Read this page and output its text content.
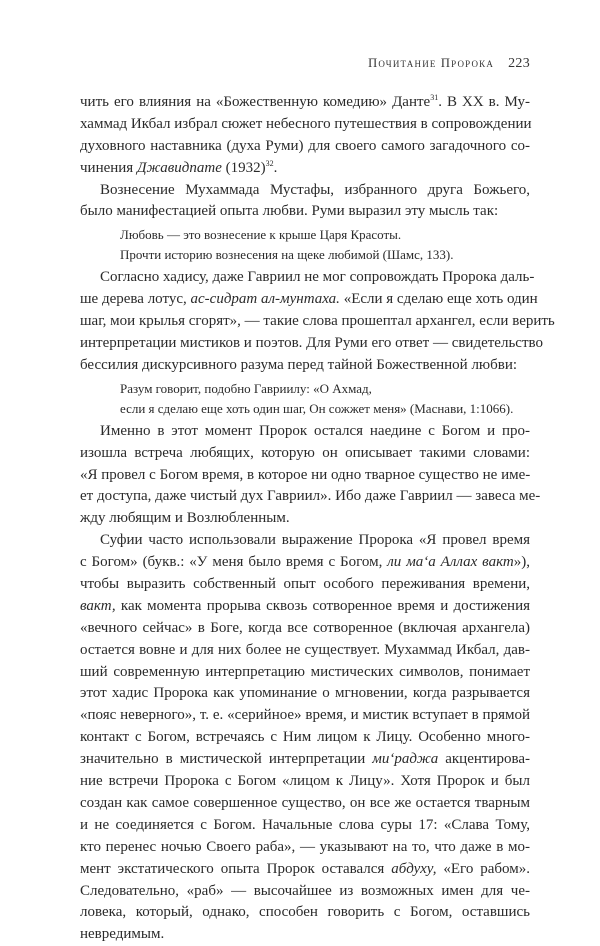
Почитание Пророка 223
чить его влияния на «Божественную комедию» Данте$^{31}$. В XX в. Му-
хаммад Икбал избрал сюжет небесного путешествия в сопровождении
духовного наставника (духа Руми) для своего самого загадочного со-
чинения Джавидname $(1932)^{32}$.
Вознесение Мухаммада Мустафы, избранного друга Божьего,
было манифестацией опыта любви. Руми выразил эту мысль так:
Любовь — это вознесение к крыше Царя Красоты.
Прочти историю вознесения на щеке любимой (Шамс, 133).
Согласно хадису, даже Гавриил не мог сопровождать Пророка даль-
ше дерева лотус, ас-сидрат ал-мунтаха. «Если я сделаю еще хоть один
шаг, мои крылья сгорят», — такие слова прошептал архангел, если верить
интерпретации мистиков и поэтов. Для Руми его ответ — свидетельство
бессилия дискурсивного разума перед тайной Божественной любви:
Разум говорит, подобно Гавриилу: «О Ахмад,
если я сделаю еще хоть один шаг, Он сожжет меня» (Маснави, 1:1066).
Именно в этот момент Пророк остался наедине с Богом и про-
изошла встреча любящих, которую он описывает такими словами:
«Я провел с Богом время, в которое ни одно тварное существо не име-
ет доступа, даже чистый дух Гавриил». Ибо даже Гавриил — завеса ме-
жду любящим и Возлюбленным.
Суфии часто использовали выражение Пророка «Я провел время
с Богом» (букв.: «У меня было время с Богом, ли ма‘а Аллах вакт»),
чтобы выразить собственный опыт особого переживания времени,
вакт, как момента прорыва сквозь сотворенное время и достижения
«вечного сейчас» в Боге, когда все сотворенное (включая архангела)
остается вовне и для них более не существует. Мухаммад Икбал, дав-
ший современную интерпретацию мистических символов, понимает
этот хадис Пророка как упоминание о мгновении, когда разрывается
«пояс неверного», т. е. «серийное» время, и мистик вступает в прямой
контакт с Богом, встречаясь с Ним лицом к Лицу. Особенно много-
значительно в мистической интерпретации ми‘раджа акцентирова-
ние встречи Пророка с Богом «лицом к Лицу». Хотя Пророк и был
создан как самое совершенное существо, он все же остается тварным
и не соединяется с Богом. Начальные слова суры 17: «Слава Тому,
кто перенес ночью Своего раба», — указывают на то, что даже в мо-
мент экстатического опыта Пророк оставался абдуху, «Его рабом».
Следовательно, «раб» — высочайшее из возможных имен для че-
ловека, который, однако, способен говорить с Богом, оставшись
невредимым.
